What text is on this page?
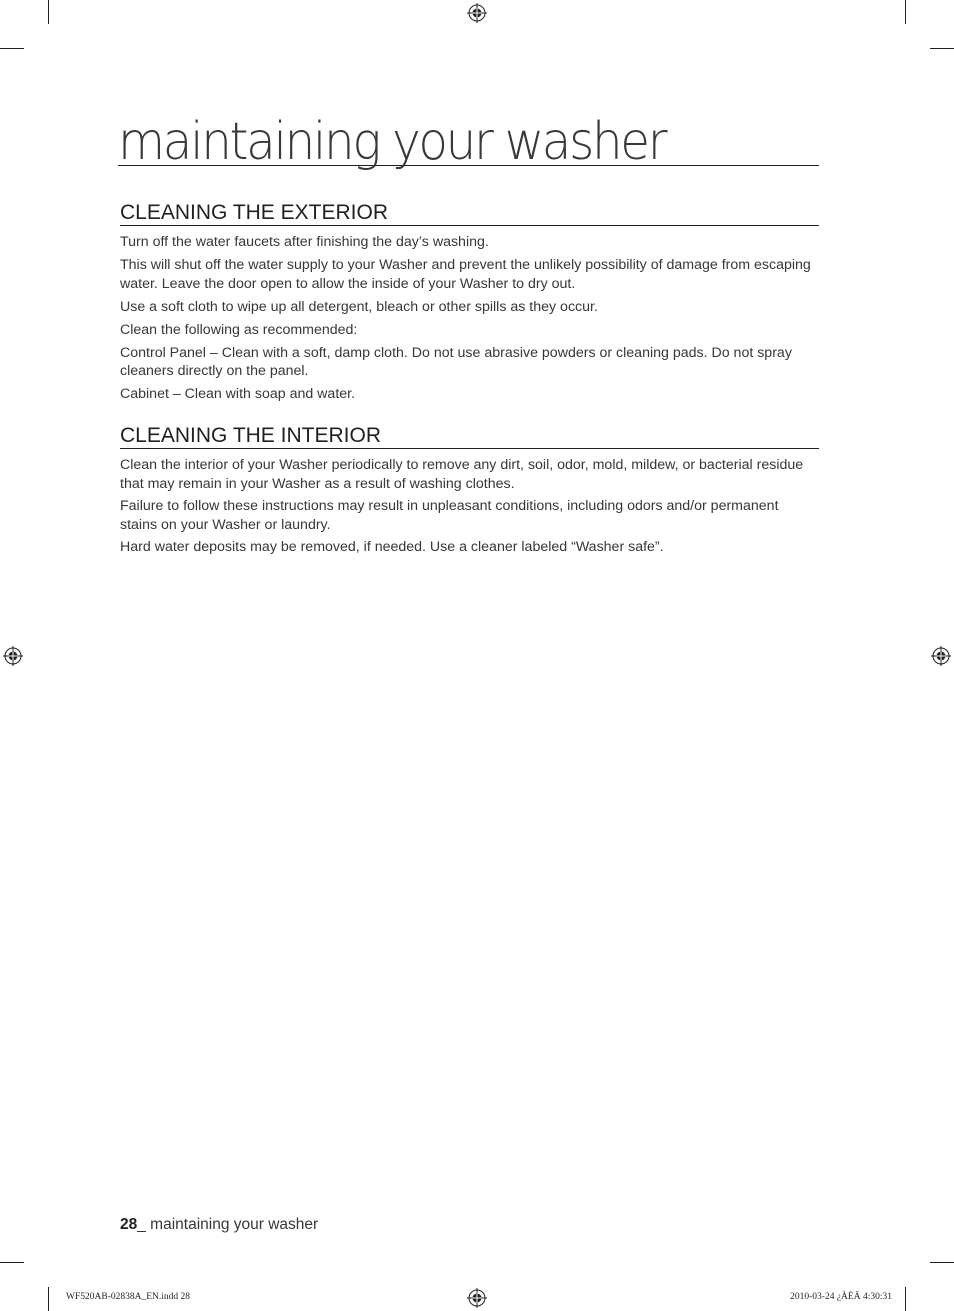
maintaining your washer
CLEANING THE EXTERIOR

Turn off the water faucets after finishing the day’s washing.

This will shut off the water supply to your Washer and prevent the unlikely possibility of damage from escaping water. Leave the door open to allow the inside of your Washer to dry out.

Use a soft cloth to wipe up all detergent, bleach or other spills as they occur.

Clean the following as recommended:

Control Panel – Clean with a soft, damp cloth. Do not use abrasive powders or cleaning pads. Do not spray cleaners directly on the panel.

Cabinet – Clean with soap and water.

CLEANING THE INTERIOR

Clean the interior of your Washer periodically to remove any dirt, soil, odor, mold, mildew, or bacterial residue that may remain in your Washer as a result of washing clothes.

Failure to follow these instructions may result in unpleasant conditions, including odors and/or permanent stains on your Washer or laundry.

Hard water deposits may be removed, if needed. Use a cleaner labeled “Washer safe”.

28_ maintaining your washer
WF520AB-02838A_EN.indd 28	2010-03-24 ¿ÀÈÄ 4:30:31
